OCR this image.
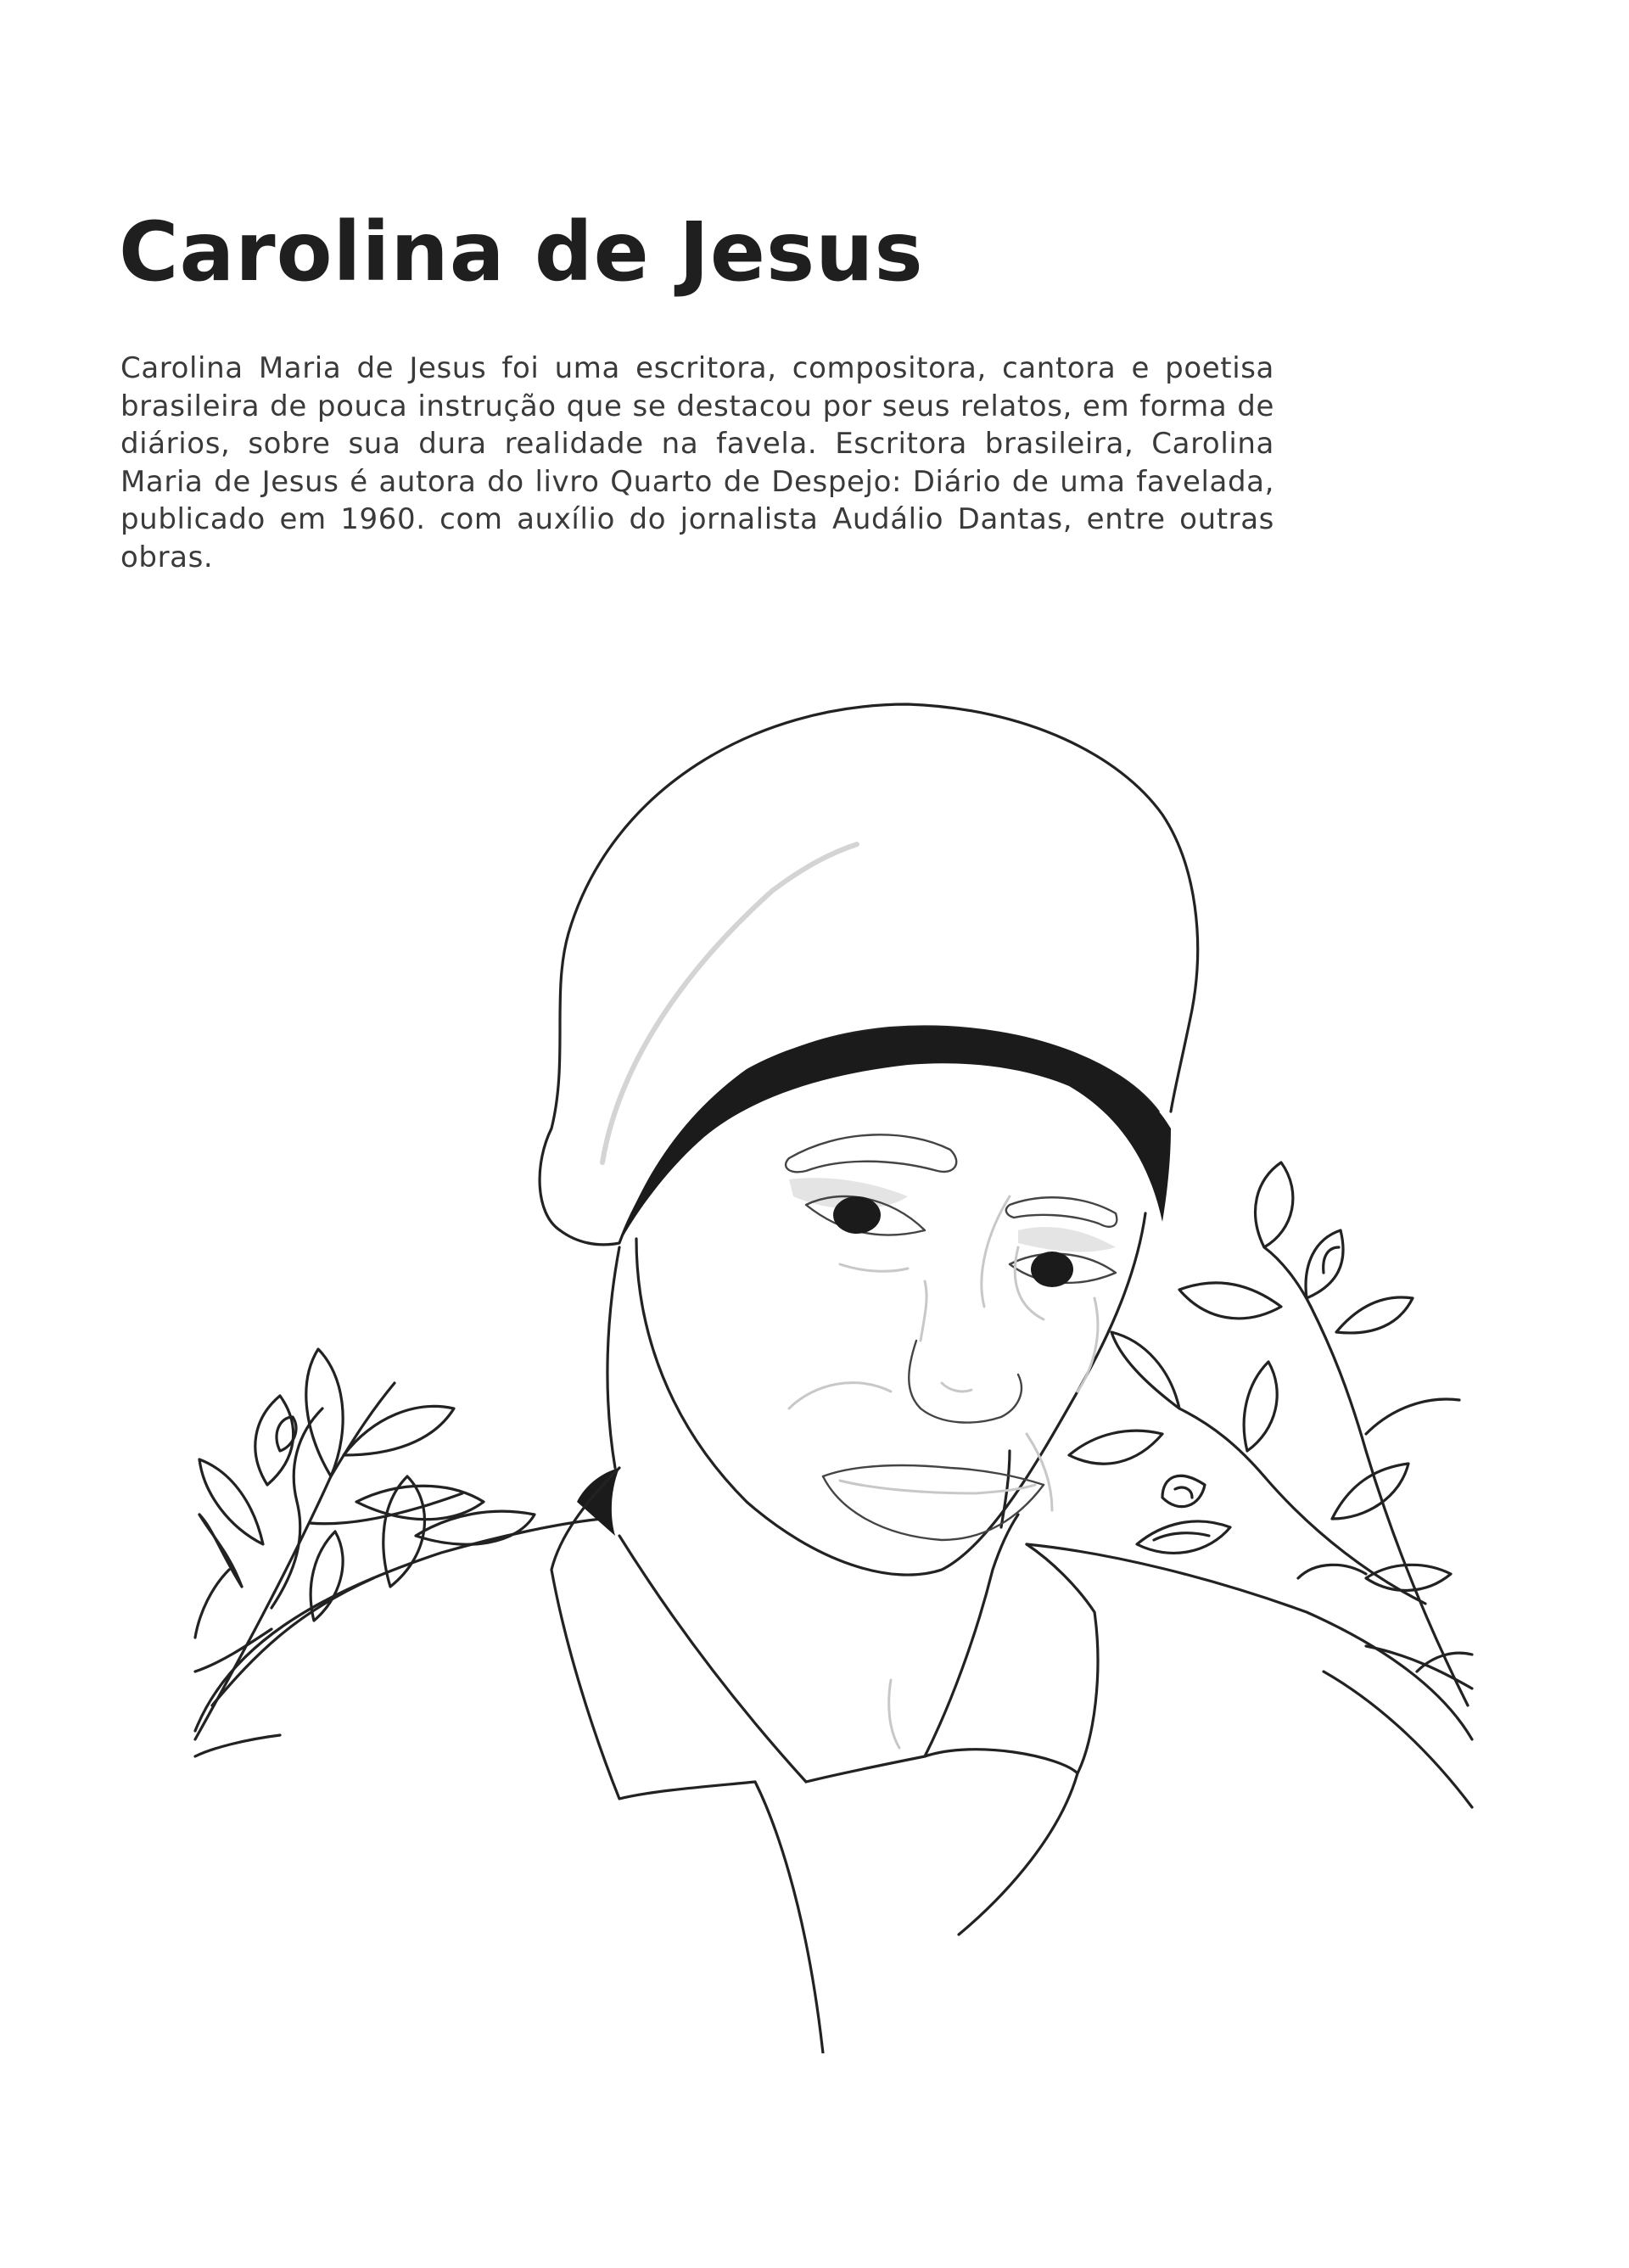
Carolina de Jesus

Carolina Maria de Jesus foi uma escritora, compositora, cantora e poetisa brasileira de pouca instrução que se destacou por seus relatos, em forma de diários, sobre sua dura realidade na favela. Escritora brasileira, Carolina Maria de Jesus é autora do livro Quarto de Despejo: Diário de uma favelada, publicado em 1960. com auxílio do jornalista Audálio Dantas, entre outras obras.
